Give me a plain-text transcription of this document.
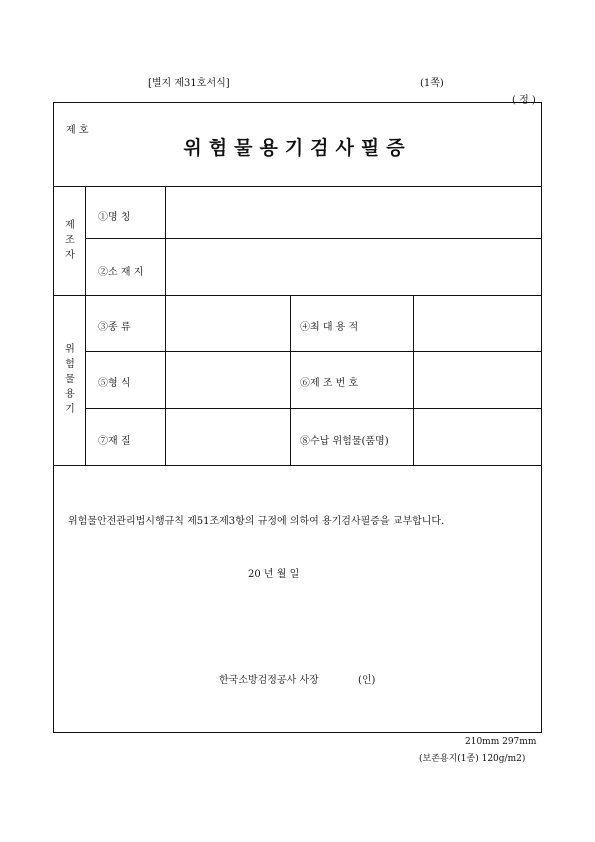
[별지 제31호서식]	(1쪽)
( 정 )
제 호
위험물용기검사필증
제
조
자
①명 칭
②소 재 지
위
험
물
용
기
③종 류	④최 대 용 적
⑤형 식	⑥제 조 번 호
⑦재 질	⑧수납 위험물(품명)
위험물안전관리법시행규칙 제51조제3항의 규정에 의하여 용기검사필증을 교부합니다.
20 년 월 일
한국소방검정공사 사장	(인)
210mm 297mm
(보존용지(1종) 120g/m2)
